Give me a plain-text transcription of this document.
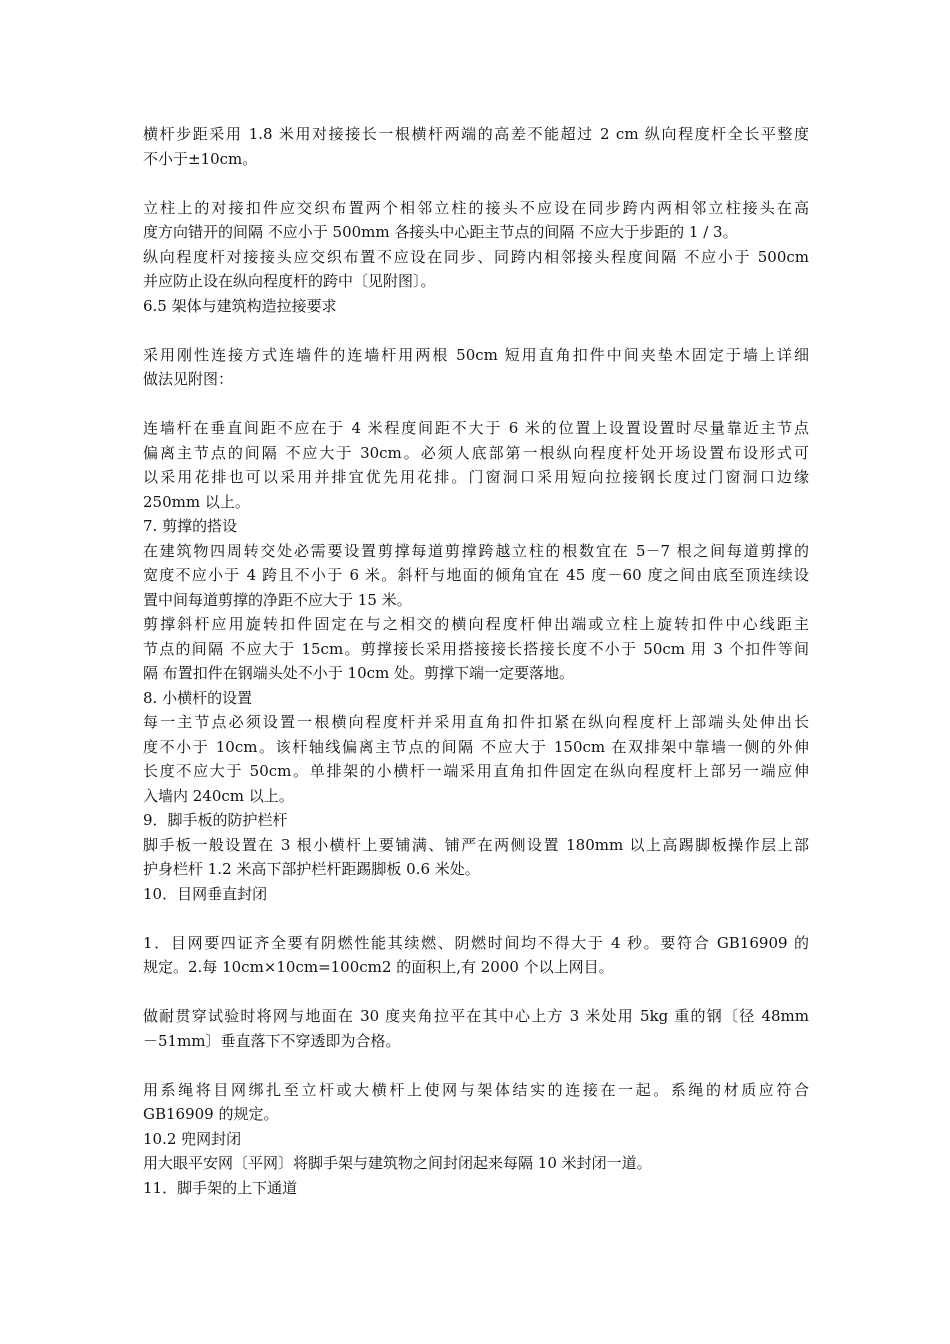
横杆步距采用 1.8 米用对接接长一根横杆两端的高差不能超过 2 cm 纵向程度杆全长平整度
不小于±10cm。
立柱上的对接扣件应交织布置两个相邻立柱的接头不应设在同步跨内两相邻立柱接头在高
度方向错开的间隔 不应小于 500mm 各接头中心距主节点的间隔 不应大于步距的 1 / 3。
纵向程度杆对接接头应交织布置不应设在同步、同跨内相邻接头程度间隔 不应小于 500cm
并应防止设在纵向程度杆的跨中〔见附图〕。
6.5 架体与建筑构造拉接要求
采用刚性连接方式连墙件的连墙杆用两根 50cm 短用直角扣件中间夹垫木固定于墙上详细
做法见附图：
连墙杆在垂直间距不应在于 4 米程度间距不大于 6 米的位置上设置设置时尽量靠近主节点
偏离主节点的间隔 不应大于 30cm。必须人底部第一根纵向程度杆处开场设置布设形式可
以采用花排也可以采用并排宜优先用花排。门窗洞口采用短向拉接钢长度过门窗洞口边缘
250mm 以上。
7. 剪撑的搭设
在建筑物四周转交处必需要设置剪撑每道剪撑跨越立柱的根数宜在 5－7 根之间每道剪撑的
宽度不应小于 4 跨且不小于 6 米。斜杆与地面的倾角宜在 45 度－60 度之间由底至顶连续设
置中间每道剪撑的净距不应大于 15 米。
剪撑斜杆应用旋转扣件固定在与之相交的横向程度杆伸出端或立柱上旋转扣件中心线距主
节点的间隔 不应大于 15cm。剪撑接长采用搭接接长搭接长度不小于 50cm 用 3 个扣件等间
隔 布置扣件在钢端头处不小于 10cm 处。剪撑下端一定要落地。
8. 小横杆的设置
每一主节点必须设置一根横向程度杆并采用直角扣件扣紧在纵向程度杆上部端头处伸出长
度不小于 10cm。该杆轴线偏离主节点的间隔 不应大于 150cm 在双排架中靠墙一侧的外伸
长度不应大于 50cm。单排架的小横杆一端采用直角扣件固定在纵向程度杆上部另一端应伸
入墙内 240cm 以上。
9．脚手板的防护栏杆
脚手板一般设置在 3 根小横杆上要铺满、铺严在两侧设置 180mm 以上高踢脚板操作层上部
护身栏杆 1.2 米高下部护栏杆距踢脚板 0.6 米处。
10．目网垂直封闭
1．目网要四证齐全要有阴燃性能其续燃、阴燃时间均不得大于 4 秒。要符合 GB16909 的
规定。2.每 10cm×10cm=100cm2 的面积上,有 2000 个以上网目。
做耐贯穿试验时将网与地面在 30 度夹角拉平在其中心上方 3 米处用 5kg 重的钢〔径 48mm
－51mm〕垂直落下不穿透即为合格。
用系绳将目网绑扎至立杆或大横杆上使网与架体结实的连接在一起。系绳的材质应符合
GB16909 的规定。
10.2 兜网封闭
用大眼平安网〔平网〕将脚手架与建筑物之间封闭起来每隔 10 米封闭一道。
11．脚手架的上下通道
